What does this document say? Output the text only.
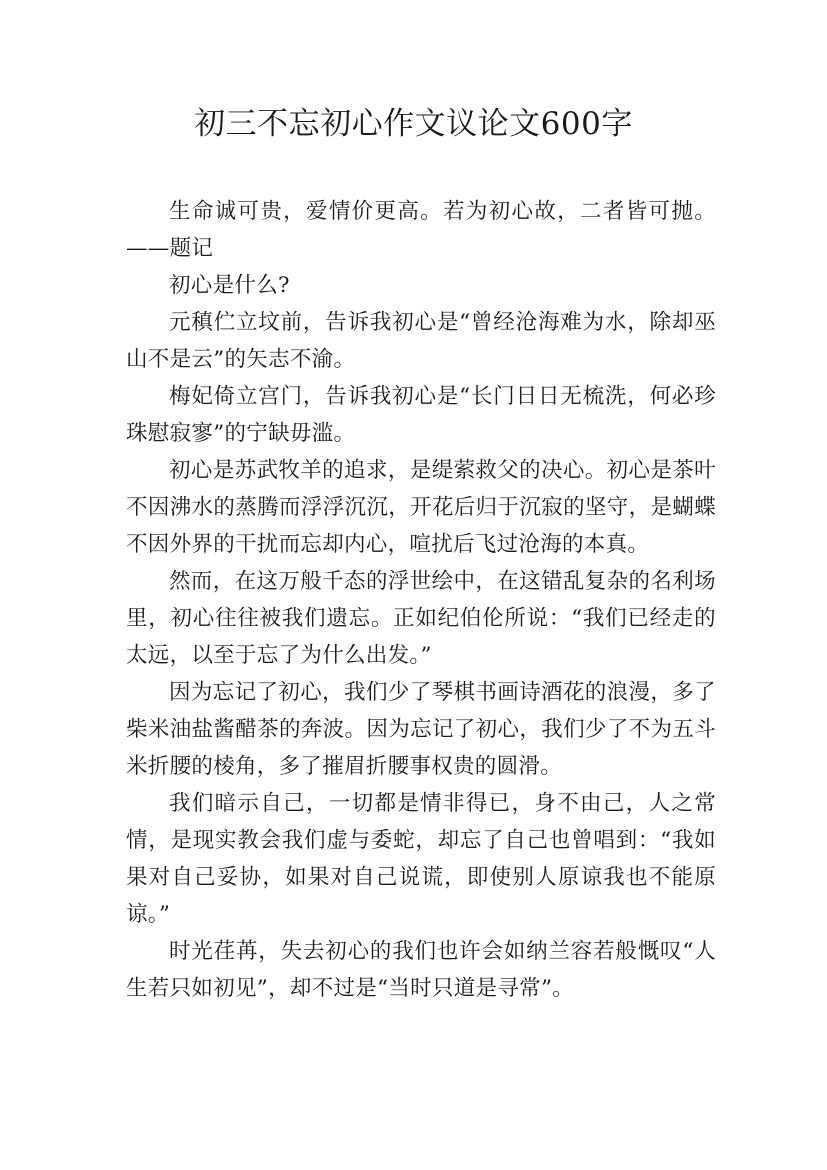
初三不忘初心作文议论文600字

生命诚可贵，爱情价更高。若为初心故，二者皆可抛。——题记

初心是什么?

元稹伫立坟前，告诉我初心是“曾经沧海难为水，除却巫山不是云”的矢志不渝。

梅妃倚立宫门，告诉我初心是“长门日日无梳洗，何必珍珠慰寂寥”的宁缺毋滥。

初心是苏武牧羊的追求，是缇萦救父的决心。初心是茶叶不因沸水的蒸腾而浮浮沉沉，开花后归于沉寂的坚守，是蝴蝶不因外界的干扰而忘却内心，喧扰后飞过沧海的本真。

然而，在这万般千态的浮世绘中，在这错乱复杂的名利场里，初心往往被我们遗忘。正如纪伯伦所说：“我们已经走的太远，以至于忘了为什么出发。”

因为忘记了初心，我们少了琴棋书画诗酒花的浪漫，多了柴米油盐酱醋茶的奔波。因为忘记了初心，我们少了不为五斗米折腰的棱角，多了摧眉折腰事权贵的圆滑。

我们暗示自己，一切都是情非得已，身不由己，人之常情，是现实教会我们虚与委蛇，却忘了自己也曾唱到：“我如果对自己妥协，如果对自己说谎，即使别人原谅我也不能原谅。”

时光荏苒，失去初心的我们也许会如纳兰容若般慨叹“人生若只如初见”，却不过是“当时只道是寻常”。
